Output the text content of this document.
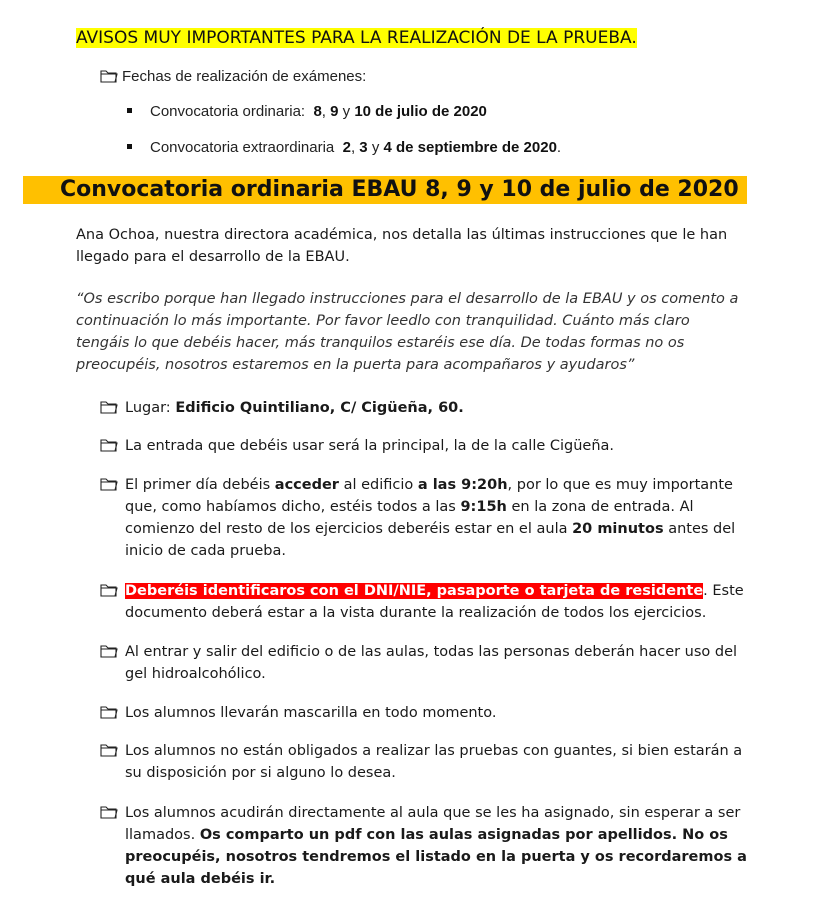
AVISOS MUY IMPORTANTES PARA LA REALIZACIÓN DE LA PRUEBA.
Fechas de realización de exámenes:
Convocatoria ordinaria: 8, 9 y 10 de julio de 2020
Convocatoria extraordinaria 2, 3 y 4 de septiembre de 2020.
Convocatoria ordinaria EBAU 8, 9 y 10 de julio de 2020
Ana Ochoa, nuestra directora académica, nos detalla las últimas instrucciones que le han llegado para el desarrollo de la EBAU.
“Os escribo porque han llegado instrucciones para el desarrollo de la EBAU y os comento a continuación lo más importante. Por favor leedlo con tranquilidad. Cuánto más claro tengáis lo que debéis hacer, más tranquilos estaréis ese día. De todas formas no os preocupéis, nosotros estaremos en la puerta para acompañaros y ayudaros”
Lugar: Edificio Quintiliano, C/ Cigüeña, 60.
La entrada que debéis usar será la principal, la de la calle Cigüeña.
El primer día debéis acceder al edificio a las 9:20h, por lo que es muy importante que, como habíamos dicho, estéis todos a las 9:15h en la zona de entrada. Al comienzo del resto de los ejercicios deberéis estar en el aula 20 minutos antes del inicio de cada prueba.
Deberéis identificaros con el DNI/NIE, pasaporte o tarjeta de residente. Este documento deberá estar a la vista durante la realización de todos los ejercicios.
Al entrar y salir del edificio o de las aulas, todas las personas deberán hacer uso del gel hidroalcohólico.
Los alumnos llevarán mascarilla en todo momento.
Los alumnos no están obligados a realizar las pruebas con guantes, si bien estarán a su disposición por si alguno lo desea.
Los alumnos acudirán directamente al aula que se les ha asignado, sin esperar a ser llamados. Os comparto un pdf con las aulas asignadas por apellidos. No os preocupéis, nosotros tendremos el listado en la puerta y os recordaremos a qué aula debéis ir.
